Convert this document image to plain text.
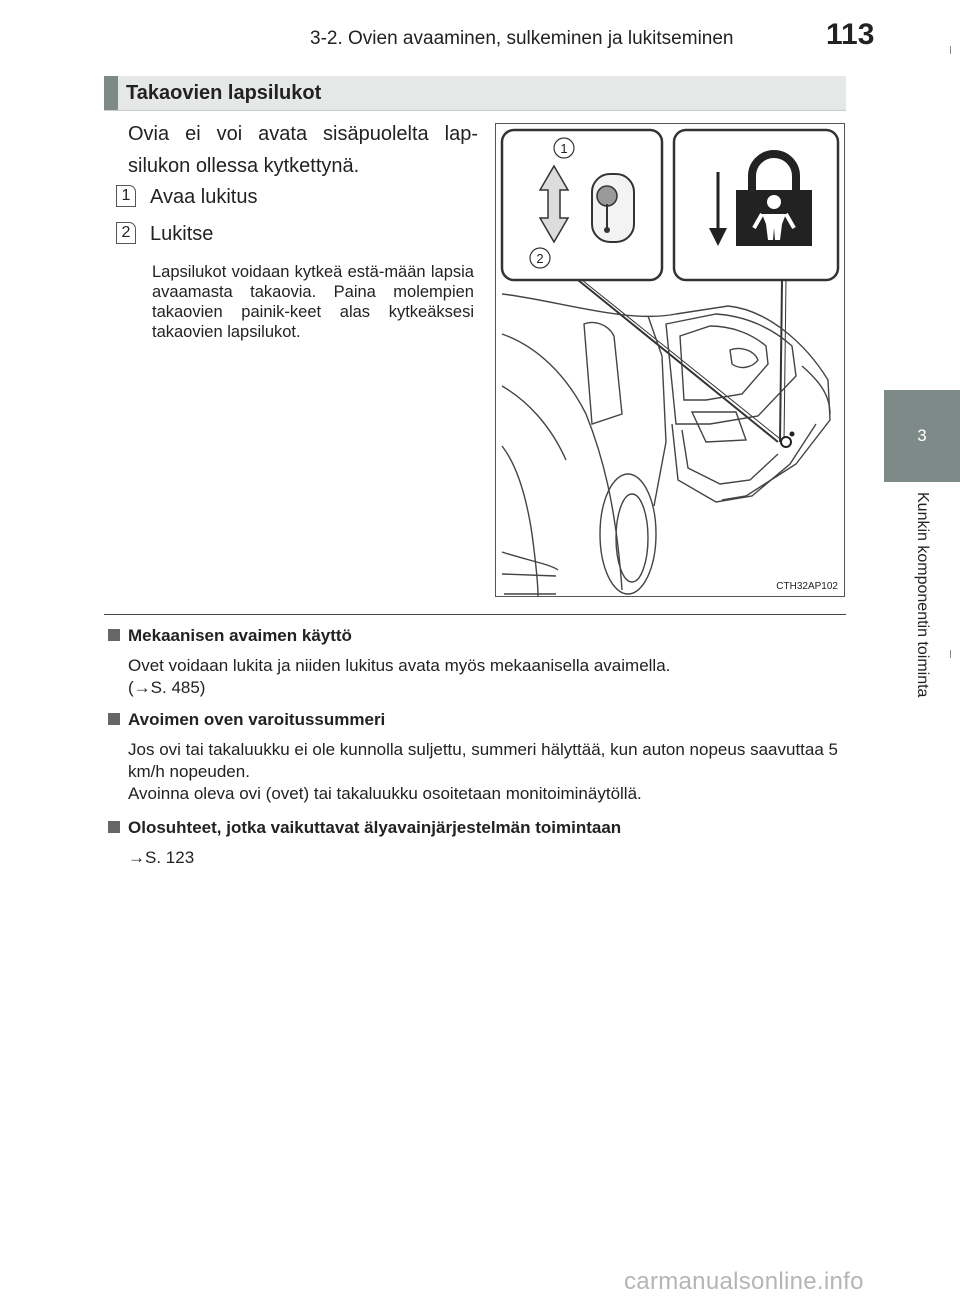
3-2. Ovien avaaminen, sulkeminen ja lukitseminen	113
3
Kunkin komponentin toiminta
Takaovien lapsilukot
Ovia ei voi avata sisäpuolelta lap-silukon ollessa kytkettynä.
1 Avaa lukitus
2 Lukitse
Lapsilukot voidaan kytkeä estä-mään lapsia avaamasta takaovia. Paina molempien takaovien painik-keet alas kytkeäksesi takaovien lapsilukot.
1
2
CTH32AP102
Mekaanisen avaimen käyttö
Ovet voidaan lukita ja niiden lukitus avata myös mekaanisella avaimella.
(→S. 485)
Avoimen oven varoitussummeri
Jos ovi tai takaluukku ei ole kunnolla suljettu, summeri hälyttää, kun auton nopeus saavuttaa 5 km/h nopeuden.
Avoinna oleva ovi (ovet) tai takaluukku osoitetaan monitoiminäytöllä.
Olosuhteet, jotka vaikuttavat älyavainjärjestelmän toimintaan
→S. 123
carmanualsonline.info
